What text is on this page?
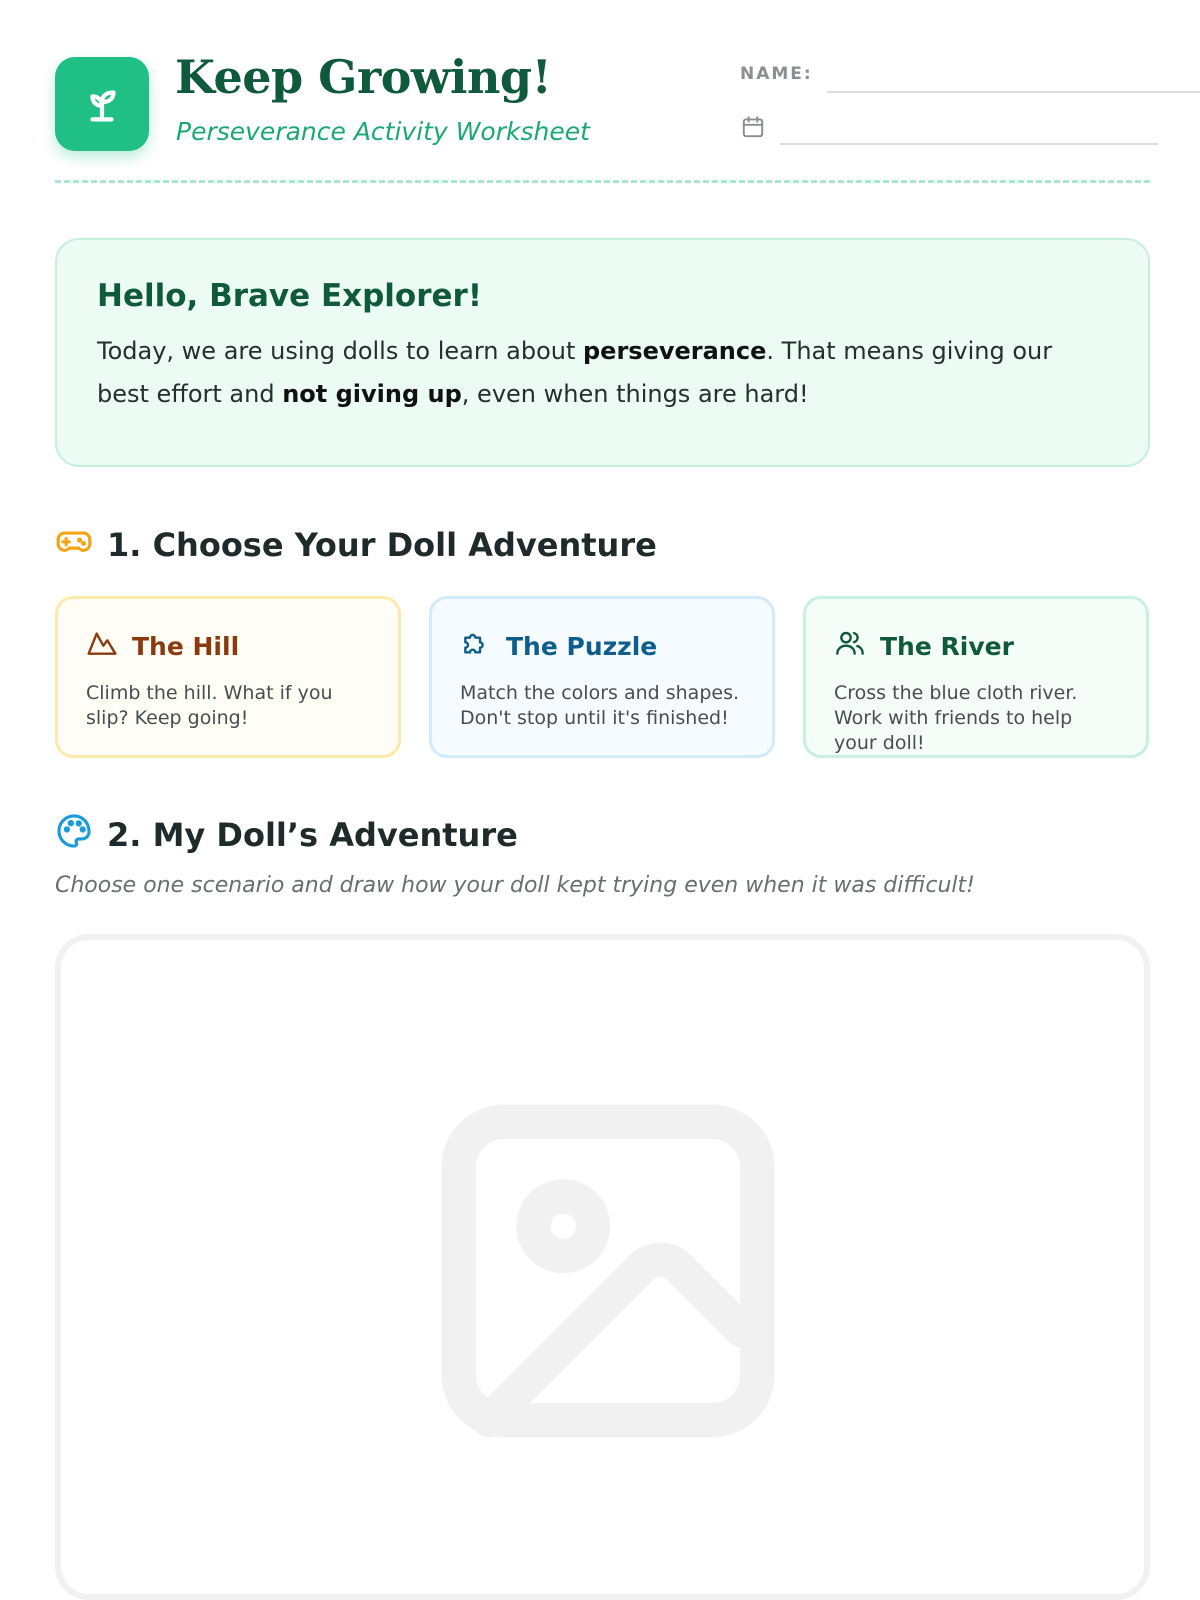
Keep Growing!

Perseverance Activity Worksheet

NAME:
Hello, Brave Explorer!

Today, we are using dolls to learn about perseverance. That means giving our best effort and not giving up, even when things are hard!

1. Choose Your Doll Adventure
The Hill
Climb the hill. What if you slip? Keep going!
The Puzzle
Match the colors and shapes. Don't stop until it's finished!
The River
Cross the blue cloth river. Work with friends to help your doll!
2. My Doll’s Adventure

Choose one scenario and draw how your doll kept trying even when it was difficult!
